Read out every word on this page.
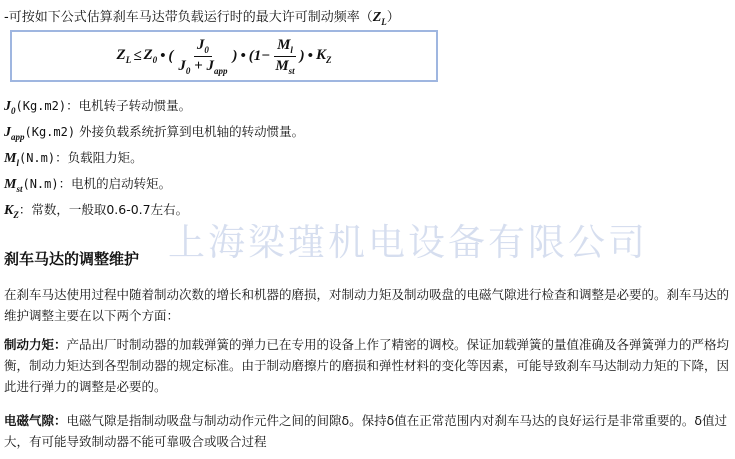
-可按如下公式估算刹车马达带负载运行时的最大许可制动频率$(Z_L)$
$Z_L \le Z_0$ • ( $\frac{J_0}{J_0 + J_{app}}$ ) • ($1- \frac{M_l}{M_{st}}$ ) • $K_Z$
$J_0(Kg.m2)$：电机转子转动惯量。
$J_{app}(Kg.m2)$ 外接负载系统折算到电机轴的转动惯量。
$M_l(N.m)$：负载阻力矩。
$M_{st}(N.m)$：电机的启动转矩。
$K_Z$：常数，一般取0.6-0.7左右。
上海梁瑾机电设备有限公司
刹车马达的调整维护
在刹车马达使用过程中随着制动次数的增长和机器的磨损，对制动力矩及制动吸盘的电磁气隙进行检查和调整是必要的。刹车马达的维护调整主要在以下两个方面：
制动力矩：产品出厂时制动器的加载弹簧的弹力已在专用的设备上作了精密的调校。保证加载弹簧的量值准确及各弹簧弹力的严格均衡，制动力矩达到各型制动器的规定标准。由于制动磨擦片的磨损和弹性材料的变化等因素，可能导致刹车马达制动力矩的下降，因此进行弹力的调整是必要的。
电磁气隙：电磁气隙是指制动吸盘与制动动作元件之间的间隙δ。保持δ值在正常范围内对刹车马达的良好运行是非常重要的。δ值过大，有可能导致制动器不能可靠吸合或吸合过程
